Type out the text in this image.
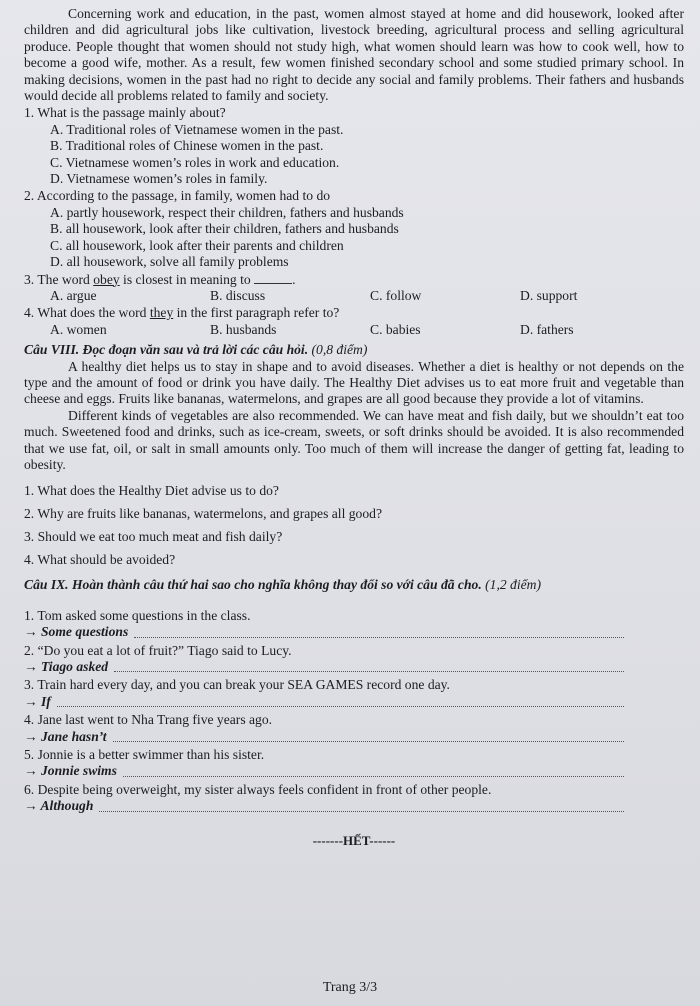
Concerning work and education, in the past, women almost stayed at home and did housework, looked after children and did agricultural jobs like cultivation, livestock breeding, agricultural process and selling agricultural produce. People thought that women should not study high, what women should learn was how to cook well, how to become a good wife, mother. As a result, few women finished secondary school and some studied primary school. In making decisions, women in the past had no right to decide any social and family problems. Their fathers and husbands would decide all problems related to family and society.

1. What is the passage mainly about?
A. Traditional roles of Vietnamese women in the past.
B. Traditional roles of Chinese women in the past.
C. Vietnamese women’s roles in work and education.
D. Vietnamese women’s roles in family.
2. According to the passage, in family, women had to do
A. partly housework, respect their children, fathers and husbands
B. all housework, look after their children, fathers and husbands
C. all housework, look after their parents and children
D. all housework, solve all family problems
3. The word obey is closest in meaning to	.
A. argue	B. discuss	C. follow	D. support
4. What does the word they in the first paragraph refer to?
A. women	B. husbands	C. babies	D. fathers

Câu VIII. Đọc đoạn văn sau và trả lời các câu hỏi. (0,8 điểm)

A healthy diet helps us to stay in shape and to avoid diseases. Whether a diet is healthy or not depends on the type and the amount of food or drink you have daily. The Healthy Diet advises us to eat more fruit and vegetable than cheese and eggs. Fruits like bananas, watermelons, and grapes are all good because they provide a lot of vitamins.

Different kinds of vegetables are also recommended. We can have meat and fish daily, but we shouldn’t eat too much. Sweetened food and drinks, such as ice-cream, sweets, or soft drinks should be avoided. It is also recommended that we use fat, oil, or salt in small amounts only. Too much of them will increase the danger of getting fat, leading to obesity.

1. What does the Healthy Diet advise us to do?

2. Why are fruits like bananas, watermelons, and grapes all good?

3. Should we eat too much meat and fish daily?

4. What should be avoided?

Câu IX. Hoàn thành câu thứ hai sao cho nghĩa không thay đổi so với câu đã cho. (1,2 điểm)

1. Tom asked some questions in the class.

→ Some questions

2. “Do you eat a lot of fruit?” Tiago said to Lucy.

→ Tiago asked

3. Train hard every day, and you can break your SEA GAMES record one day.

→ If

4. Jane last went to Nha Trang five years ago.

→ Jane hasn’t

5. Jonnie is a better swimmer than his sister.

→ Jonnie swims

6. Despite being overweight, my sister always feels confident in front of other people.

→ Although

-------HẾT------

Trang 3/3
